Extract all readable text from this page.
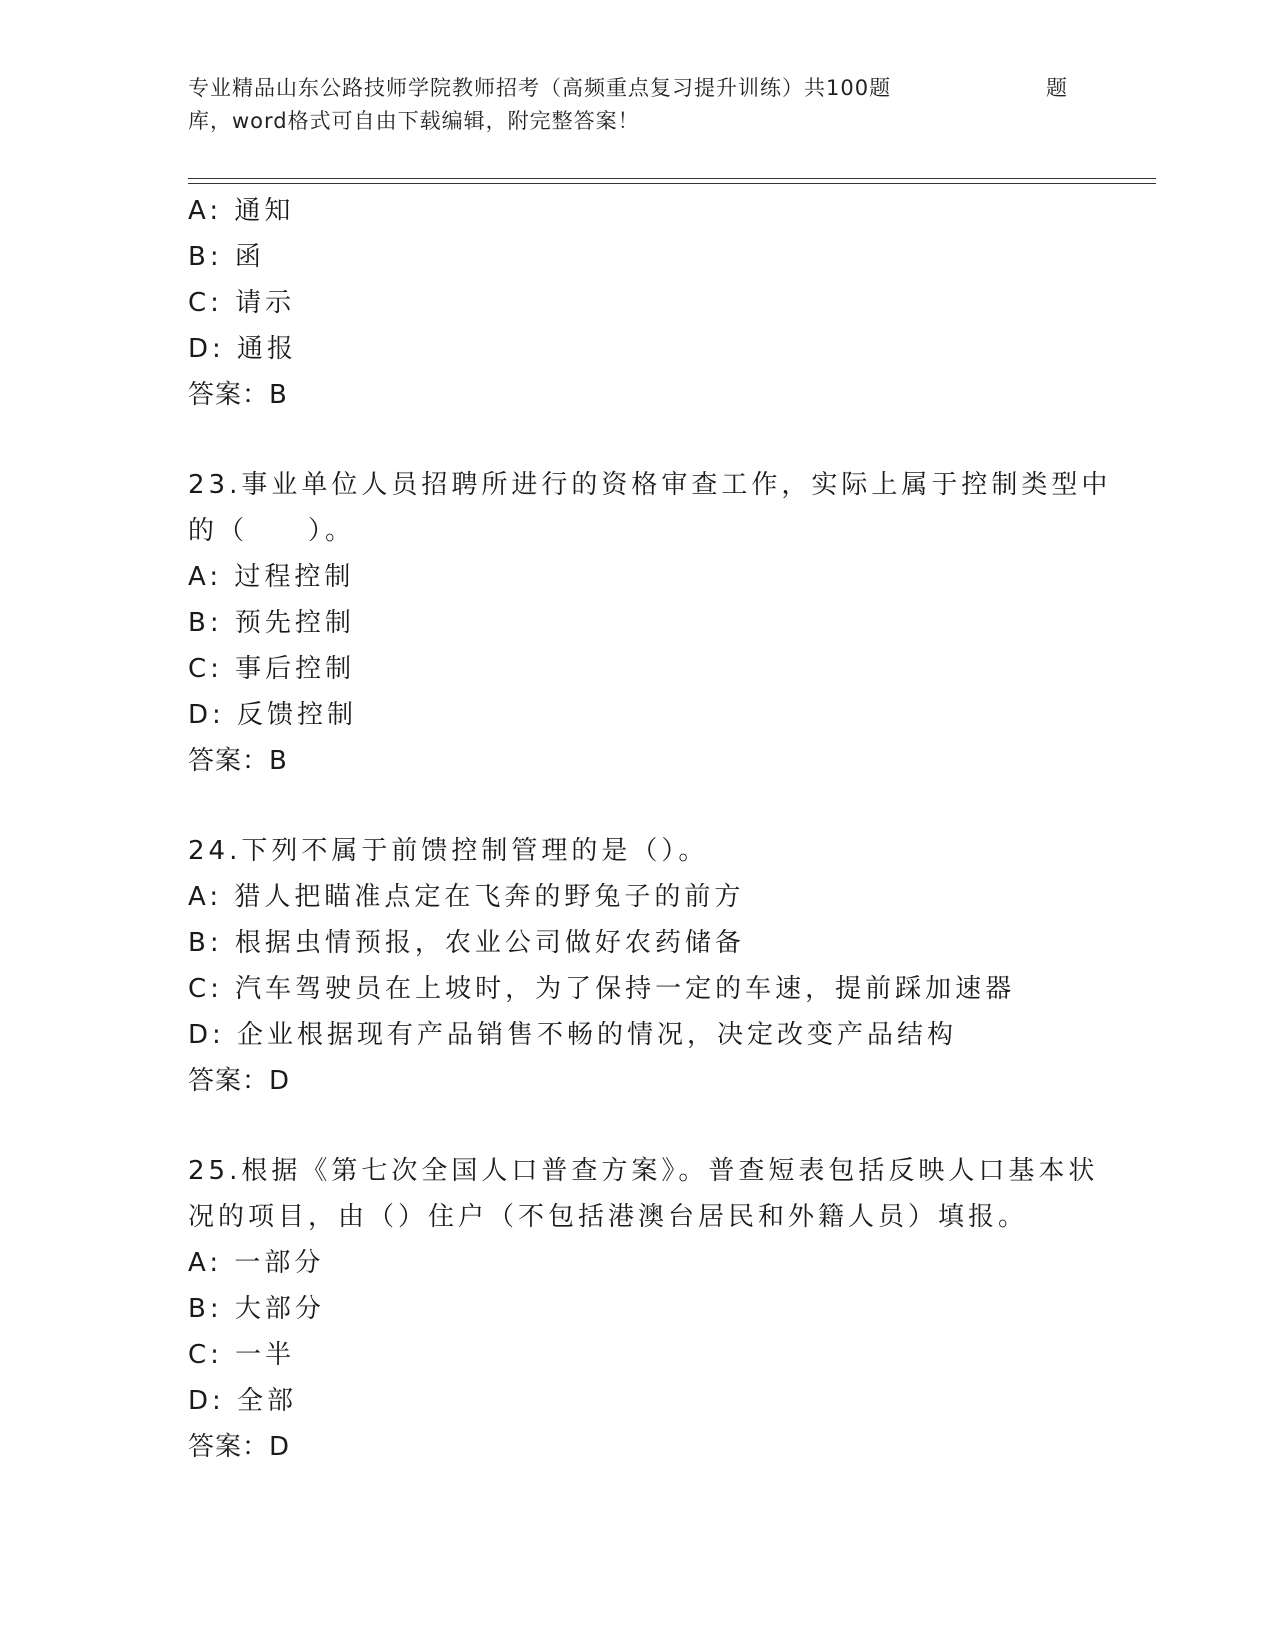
专业精品山东公路技师学院教师招考（高频重点复习提升训练）共100题	题
库，word格式可自由下载编辑，附完整答案！
A: 通知
B: 函
C: 请示
D: 通报
答案：B
23.事业单位人员招聘所进行的资格审查工作，实际上属于控制类型中
的（　　）。
A: 过程控制
B: 预先控制
C: 事后控制
D: 反馈控制
答案：B
24.下列不属于前馈控制管理的是（）。
A: 猎人把瞄准点定在飞奔的野兔子的前方
B: 根据虫情预报，农业公司做好农药储备
C: 汽车驾驶员在上坡时，为了保持一定的车速，提前踩加速器
D: 企业根据现有产品销售不畅的情况，决定改变产品结构
答案：D
25.根据《第七次全国人口普查方案》。普查短表包括反映人口基本状
况的项目，由（）住户（不包括港澳台居民和外籍人员）填报。
A: 一部分
B: 大部分
C: 一半
D: 全部
答案：D
